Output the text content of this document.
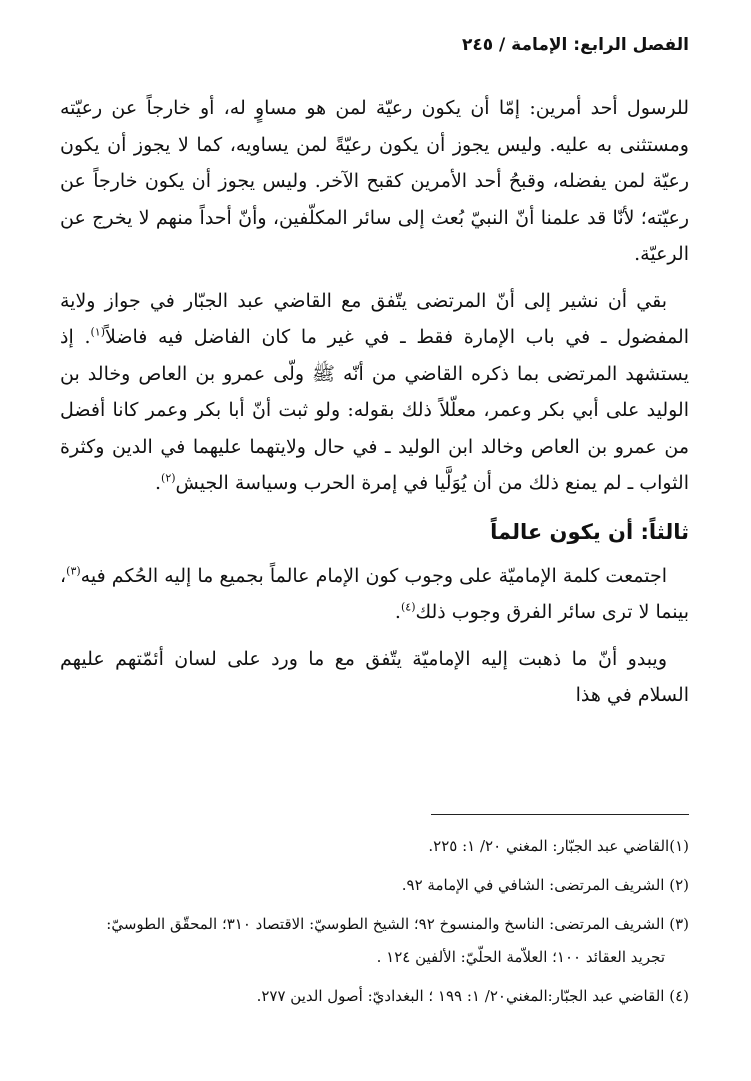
الفصل الرابع: الإمامة / ٢٤٥

للرسول أحد أمرين: إمّا أن يكون رعيّة لمن هو مساوٍ له، أو خارجاً عن رعيّته ومستثنى به عليه. وليس يجوز أن يكون رعيّةً لمن يساويه، كما لا يجوز أن يكون رعيّة لمن يفضله، وقبحُ أحد الأمرين كقبح الآخر. وليس يجوز أن يكون خارجاً عن رعيّته؛ لأنّا قد علمنا أنّ النبيّ بُعث إلى سائر المكلّفين، وأنّ أحداً منهم لا يخرج عن الرعيّة.

بقي أن نشير إلى أنّ المرتضى يتّفق مع القاضي عبد الجبّار في جواز ولاية المفضول ـ في باب الإمارة فقط ـ في غير ما كان الفاضل فيه فاضلاً$^{(١)}$. إذ يستشهد المرتضى بما ذكره القاضي من أنّه ﷺ ولّى عمرو بن العاص وخالد بن الوليد على أبي بكر وعمر، معلّلاً ذلك بقوله: ولو ثبت أنّ أبا بكر وعمر كانا أفضل من عمرو بن العاص وخالد ابن الوليد ـ في حال ولايتهما عليهما في الدين وكثرة الثواب ـ لم يمنع ذلك من أن يُوَلَّيا في إمرة الحرب وسياسة الجيش$^{(٢)}$.

ثالثاً: أن يكون عالماً

اجتمعت كلمة الإماميّة على وجوب كون الإمام عالماً بجميع ما إليه الحُكم فيه$^{(٣)}$، بينما لا ترى سائر الفرق وجوب ذلك$^{(٤)}$.

ويبدو أنّ ما ذهبت إليه الإماميّة يتّفق مع ما ورد على لسان أئمّتهم عليهم السلام في هذا

(١)القاضي عبد الجبّار: المغني ٢٠/ ١: ٢٢٥.

(٢) الشريف المرتضى: الشافي في الإمامة ٩٢.

(٣) الشريف المرتضى: الناسخ والمنسوخ ٩٢؛ الشيخ الطوسيّ: الاقتصاد ٣١٠؛ المحقّق الطوسيّ:

تجريد العقائد ١٠٠؛ العلاّمة الحلّيّ: الألفين ١٢٤ .

(٤) القاضي عبد الجبّار:المغني٢٠/ ١: ١٩٩ ؛ البغداديّ: أصول الدين ٢٧٧.
